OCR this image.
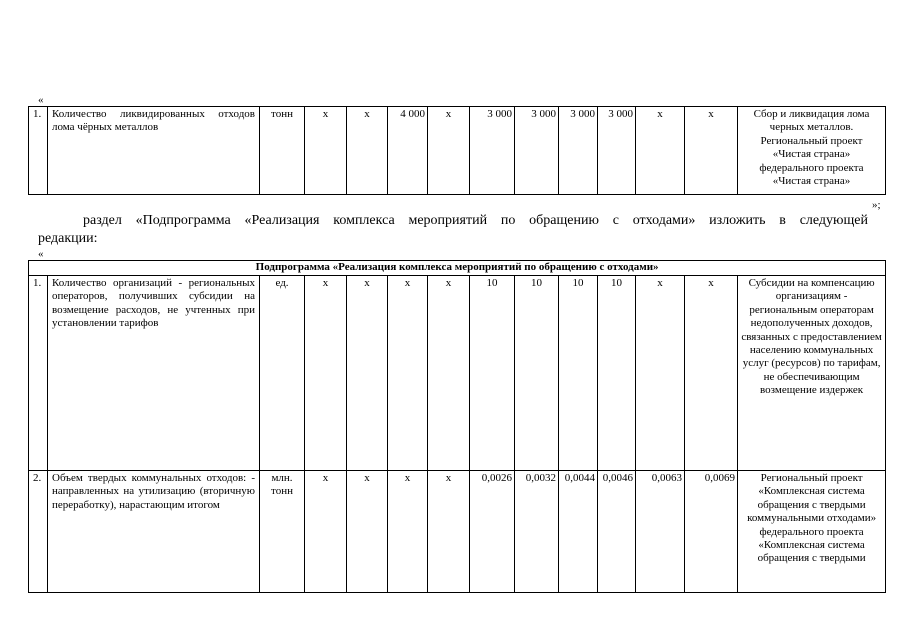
«
1.	Количество ликвидированных отходов лома чёрных металлов	тонн	х	х	4 000	х	3 000	3 000	3 000	3 000	х	х	Сбор и ликвидация лома черных металлов. Региональный проект «Чистая страна» федерального проекта «Чистая страна»
»;
раздел «Подпрограмма «Реализация комплекса мероприятий по обращению с отходами» изложить в следующей
редакции:
«
Подпрограмма «Реализация комплекса мероприятий по обращению с отходами»													
1.	Количество организаций - региональных операторов, получивших субсидии на возмещение расходов, не учтенных при установлении тарифов	ед.	х	х	х	х	10	10	10	10	х	х	Субсидии на компенсацию организациям - региональным операторам недополученных доходов, связанных с предоставлением населению коммунальных услуг (ресурсов) по тарифам, не обеспечивающим возмещение издержек
2.	Объем твердых коммунальных отходов: - направленных на утилизацию (вторичную переработку), нарастающим итогом	млн. тонн	х	х	х	х	0,0026	0,0032	0,0044	0,0046	0,0063	0,0069	Региональный проект «Комплексная система обращения с твердыми коммунальными отходами» федерального проекта «Комплексная система обращения с твердыми
